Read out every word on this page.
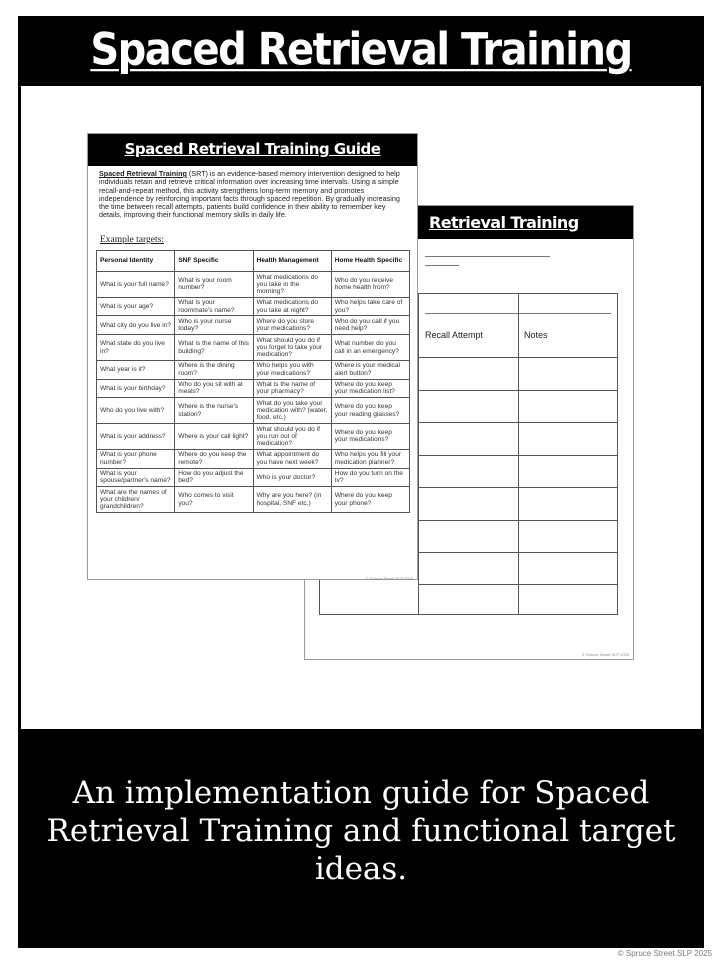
Spaced Retrieval Training
Retrieval Training
Recall Attempt	Notes
© Spruce Street SLP 2025
Spaced Retrieval Training Guide
Spaced Retrieval Training (SRT) is an evidence-based memory intervention designed to help individuals retain and retrieve critical information over increasing time intervals. Using a simple recall-and-repeat method, this activity strengthens long-term memory and promotes independence by reinforcing important facts through spaced repetition. By gradually increasing the time between recall attempts, patients build confidence in their ability to remember key details, improving their functional memory skills in daily life.
Example targets:
Personal Identity	SNF Specific	Health Management	Home Health Specific
What is your full name?	What is your room number?	What medications do you take in the morning?	Who do you receive home health from?
What is your age?	What is your roommate's name?	What medications do you take at night?	Who helps take care of you?
What city do you live in?	Who is your nurse today?	Where do you store your medications?	Who do you call if you need help?
What state do you live in?	What is the name of this building?	What should you do if you forget to take your medication?	What number do you call in an emergency?
What year is it?	Where is the dining room?	Who helps you with your medications?	Where is your medical alert button?
What is your birthday?	Who do you sit with at meals?	What is the name of your pharmacy?	Where do you keep your medication list?
Who do you live with?	Where is the nurse's station?	What do you take your medication with? (water, food, etc.)	Where do you keep your reading glasses?
What is your address?	Where is your call light?	What should you do if you run out of medication?	Where do you keep your medications?
What is your phone number?	Where do you keep the remote?	What appointment do you have next week?	Who helps you fill your medication planner?
What is your spouse/partner's name?	How do you adjust the bed?	Who is your doctor?	How do you turn on the tv?
What are the names of your children/ grandchildren?	Who comes to visit you?	Why are you here? (in hospital, SNF etc.)	Where do you keep your phone?
© Spruce Street SLP 2025
An implementation guide for Spaced Retrieval Training and functional target ideas.
© Spruce Street SLP 2025
